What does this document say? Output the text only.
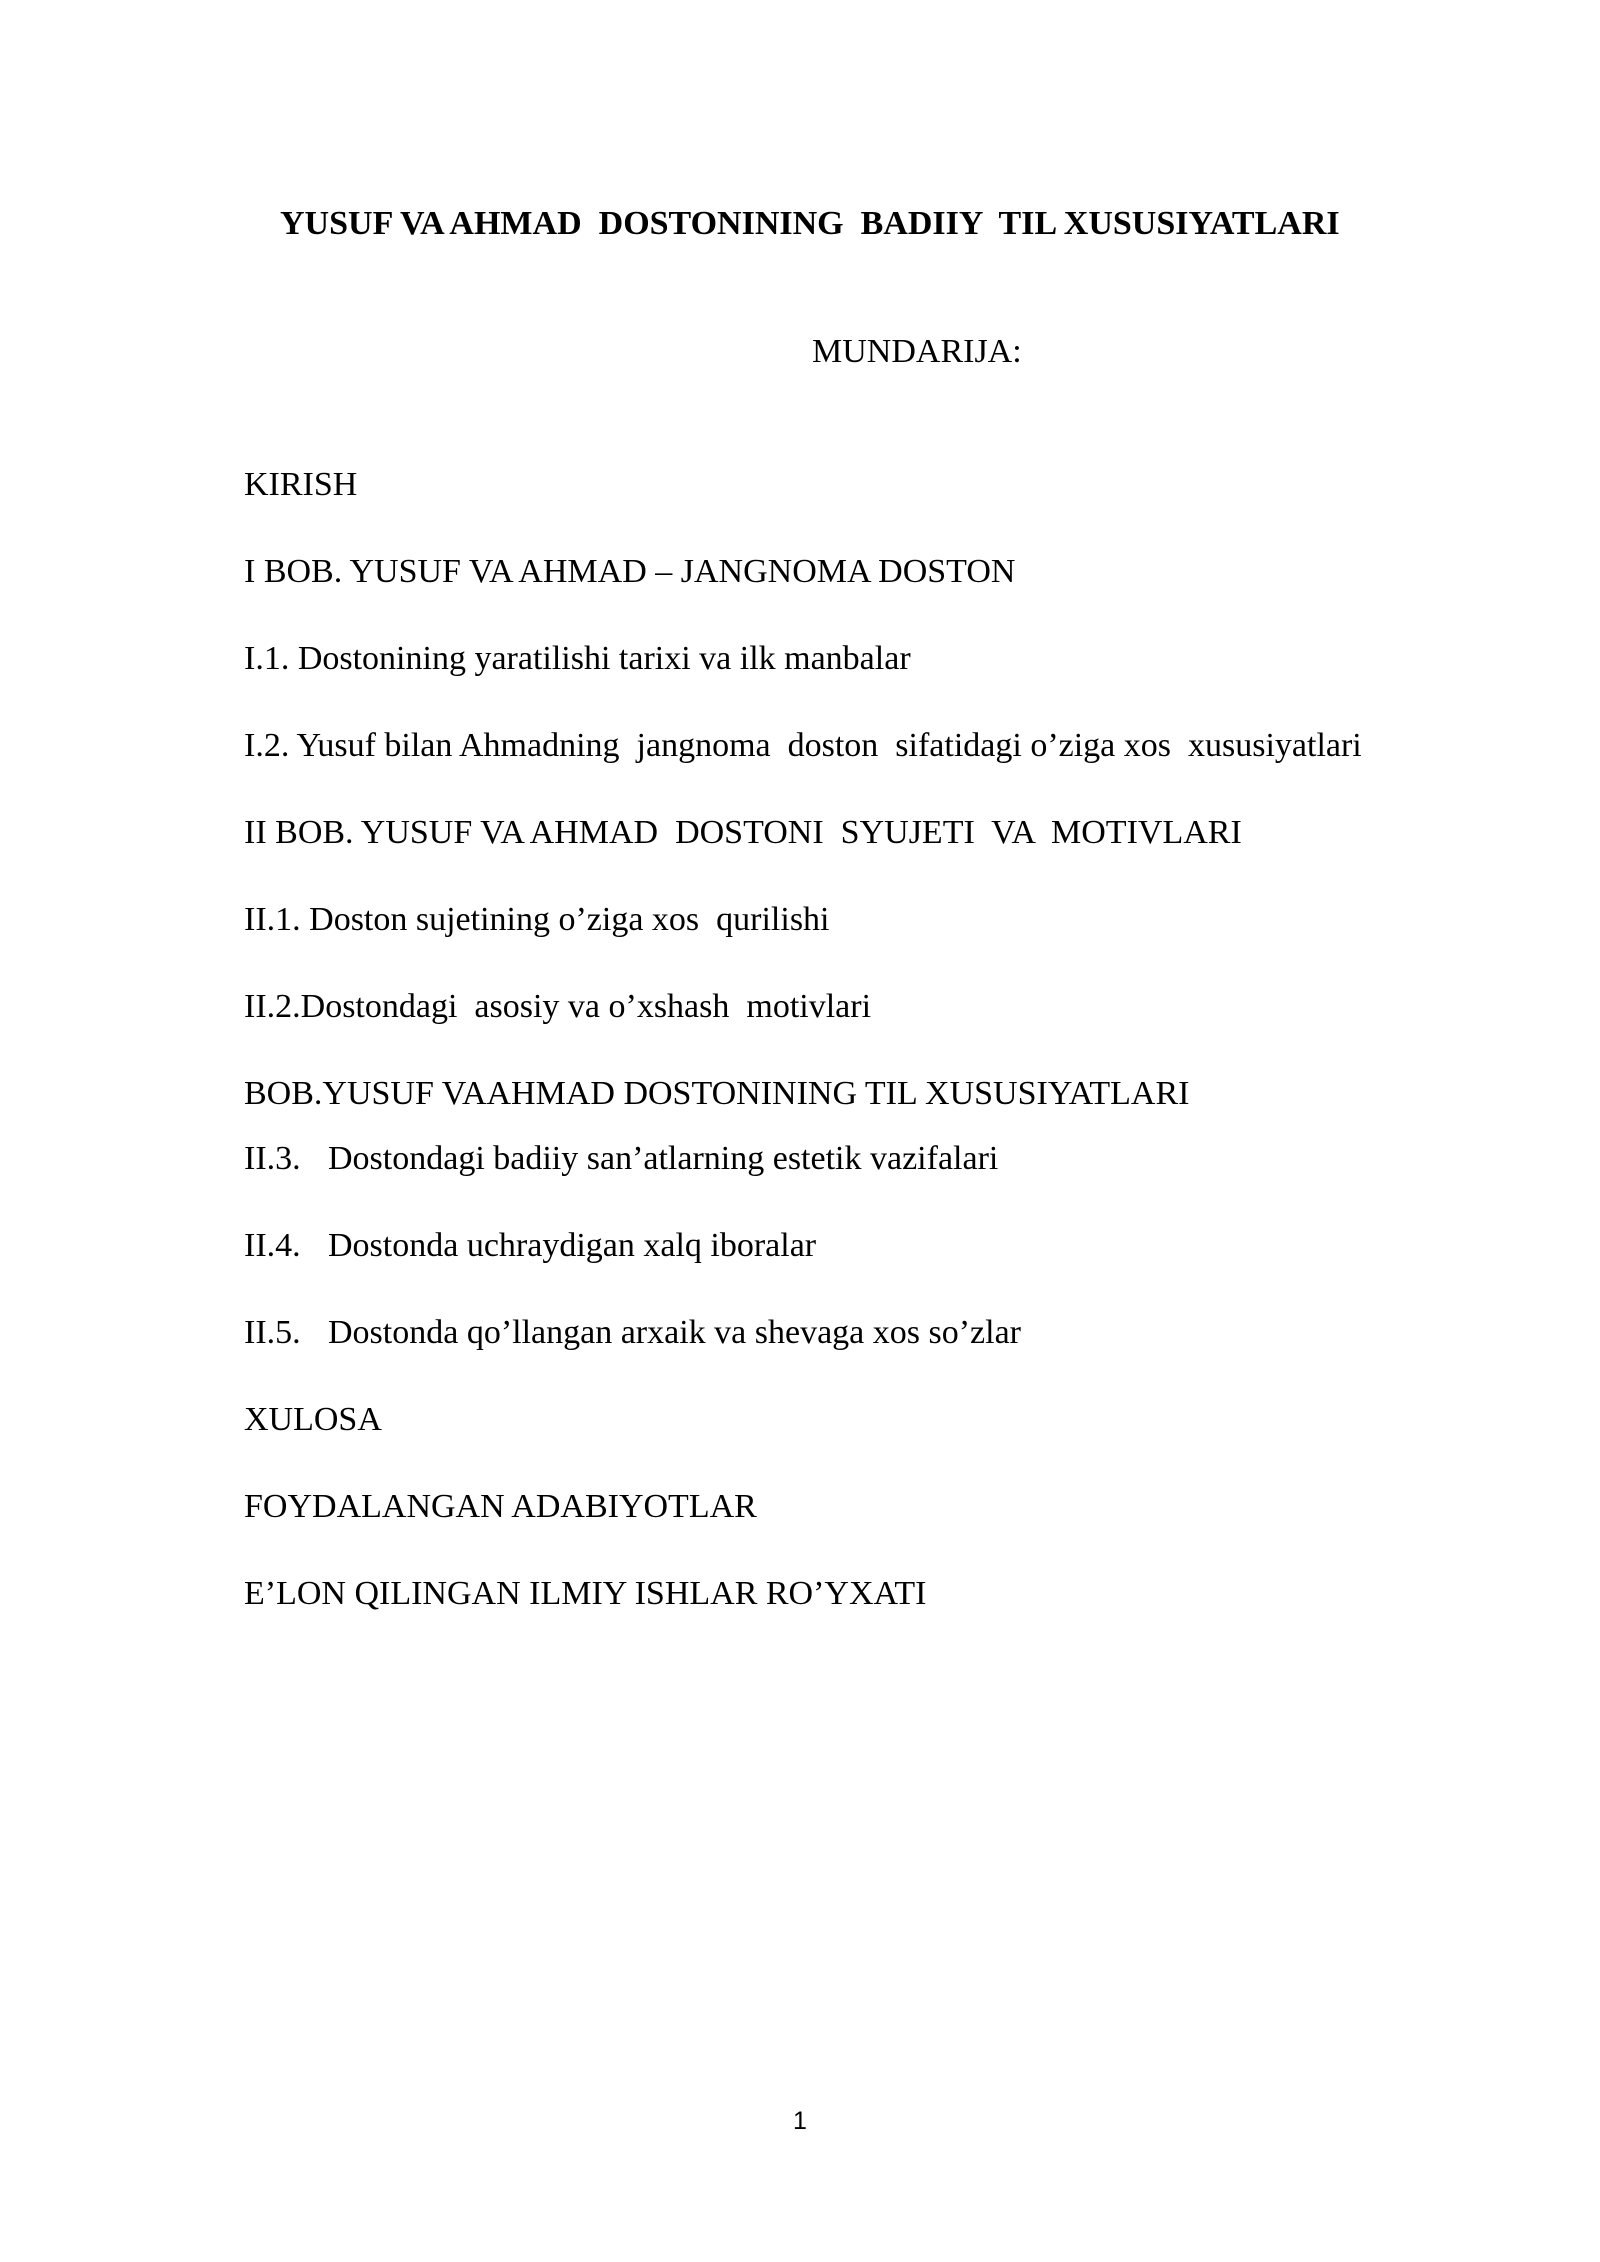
YUSUF VA AHMAD  DOSTONINING  BADIIY  TIL XUSUSIYATLARI
MUNDARIJA:

KIRISH

I BOB. YUSUF VA AHMAD – JANGNOMA DOSTON

I.1. Dostonining yaratilishi tarixi va ilk manbalar

I.2. Yusuf bilan Ahmadning  jangnoma  doston  sifatidagi o’ziga xos  xususiyatlari

II BOB. YUSUF VA AHMAD  DOSTONI  SYUJETI  VA  MOTIVLARI

II.1. Doston sujetining o’ziga xos  qurilishi

II.2.Dostondagi  asosiy va o’xshash  motivlari

BOB.YUSUF VAAHMAD DOSTONINING TIL XUSUSIYATLARI

II.3. Dostondagi badiiy san’atlarning estetik vazifalari

II.4. Dostonda uchraydigan xalq iboralar

II.5. Dostonda qo’llangan arxaik va shevaga xos so’zlar

XULOSA

FOYDALANGAN ADABIYOTLAR

E’LON QILINGAN ILMIY ISHLAR RO’YXATI

1
